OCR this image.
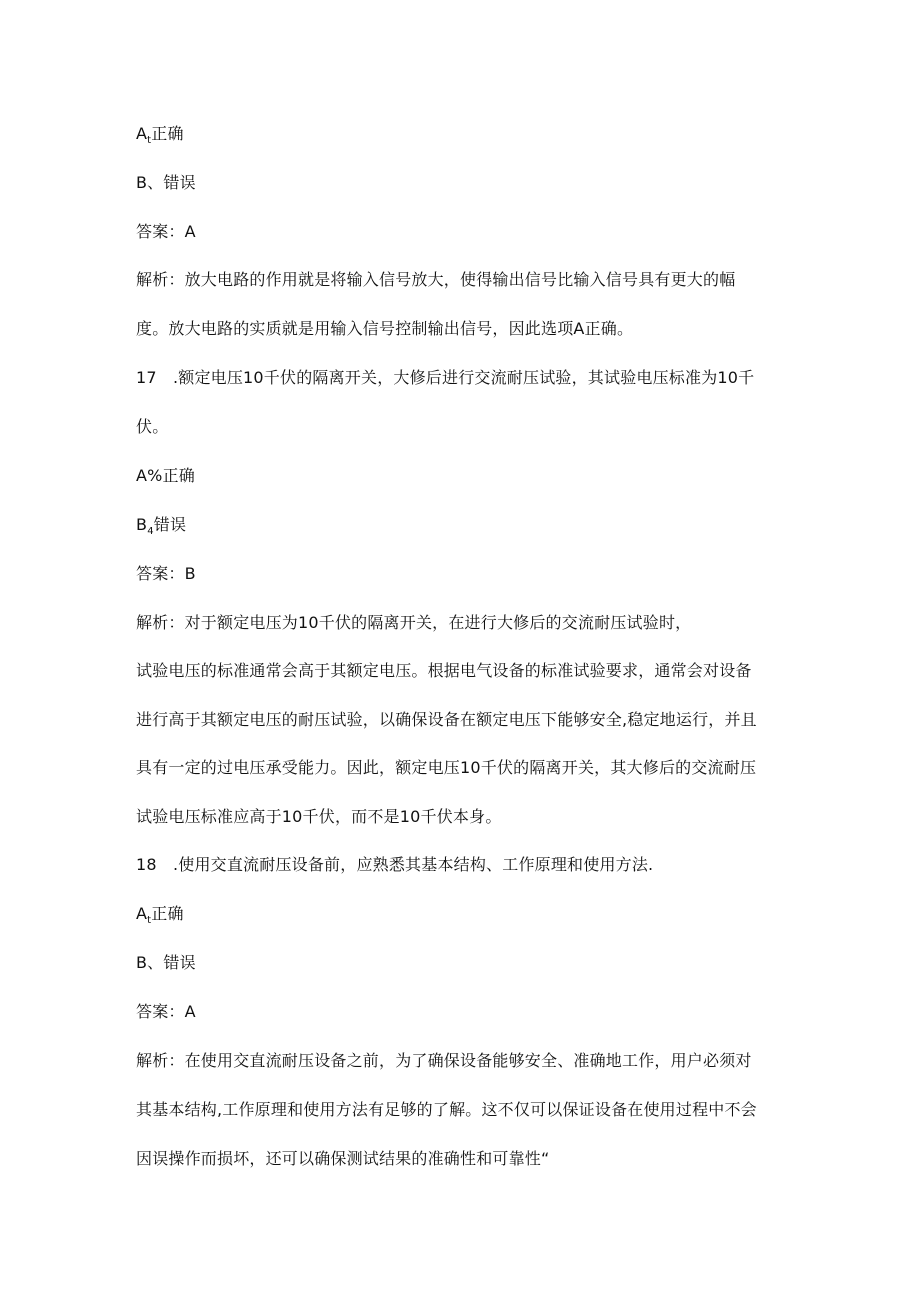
$A_t$正确
B、错误
答案：A
解析：放大电路的作用就是将输入信号放大，使得输出信号比输入信号具有更大的幅
度。放大电路的实质就是用输入信号控制输出信号，因此选项A正确。
17　.额定电压10千伏的隔离开关，大修后进行交流耐压试验，其试验电压标准为10千
伏。
A%正确
$B_4$错误
答案：B
解析：对于额定电压为10千伏的隔离开关，在进行大修后的交流耐压试验时，
试验电压的标准通常会高于其额定电压。根据电气设备的标准试验要求，通常会对设备
进行高于其额定电压的耐压试验，以确保设备在额定电压下能够安全,稳定地运行，并且
具有一定的过电压承受能力。因此，额定电压10千伏的隔离开关，其大修后的交流耐压
试验电压标准应高于10千伏，而不是10千伏本身。
18　.使用交直流耐压设备前，应熟悉其基本结构、工作原理和使用方法.
$A_t$正确
B、错误
答案：A
解析：在使用交直流耐压设备之前，为了确保设备能够安全、准确地工作，用户必须对
其基本结构,工作原理和使用方法有足够的了解。这不仅可以保证设备在使用过程中不会
因误操作而损坏，还可以确保测试结果的准确性和可靠性“
